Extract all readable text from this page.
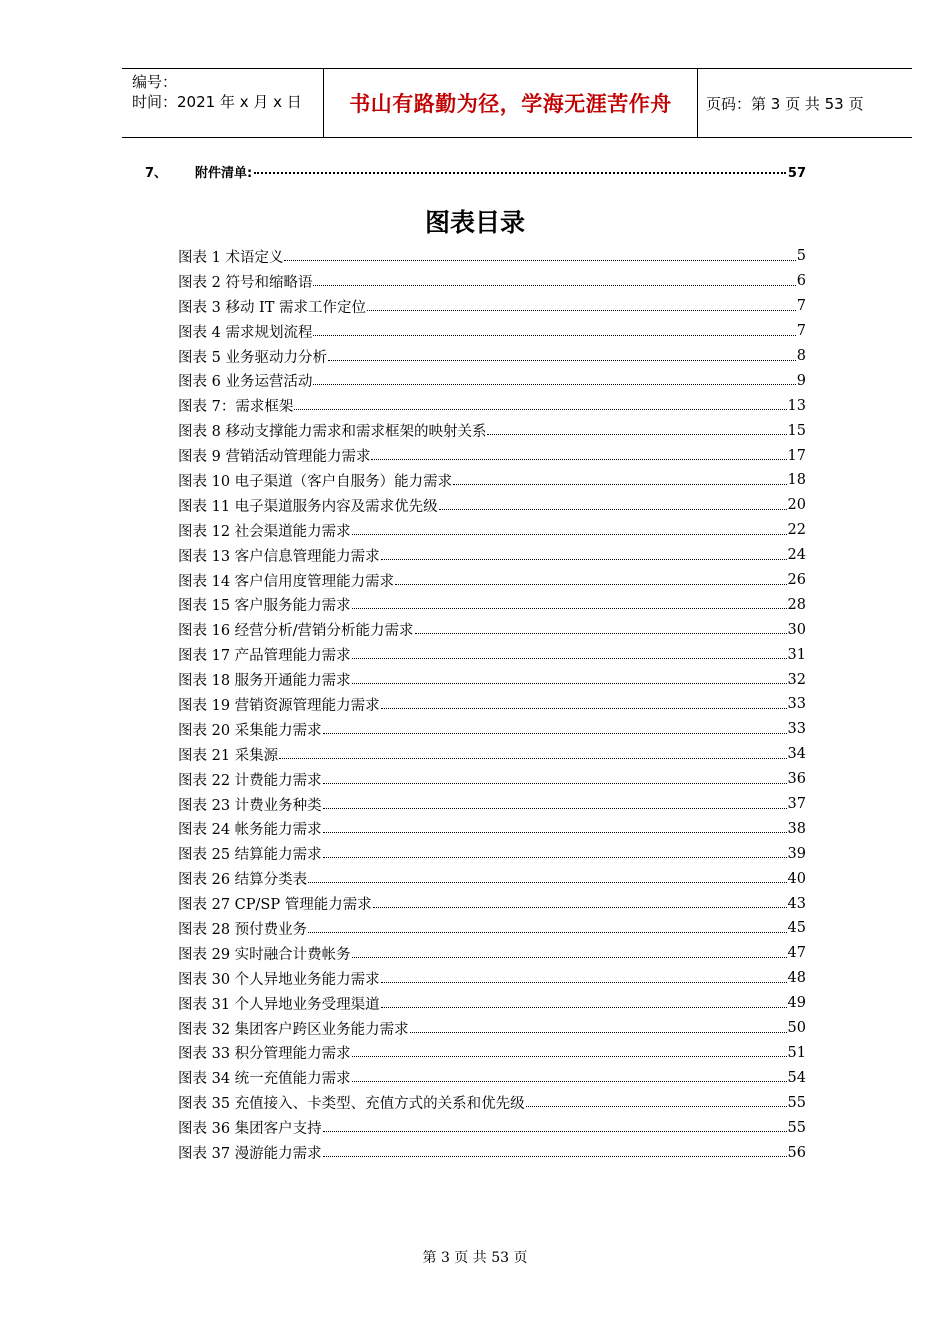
编号：
时间：2021 年 x 月 x 日	书山有路勤为径，学海无涯苦作舟 页码：第 3 页 共 53 页
7、	附件清单:	57
图表目录
图表 1 术语定义	5
图表 2 符号和缩略语	6
图表 3 移动 IT 需求工作定位	7
图表 4 需求规划流程	7
图表 5 业务驱动力分析	8
图表 6 业务运营活动	9
图表 7：需求框架	13
图表 8 移动支撑能力需求和需求框架的映射关系	15
图表 9 营销活动管理能力需求	17
图表 10 电子渠道（客户自服务）能力需求	18
图表 11 电子渠道服务内容及需求优先级	20
图表 12 社会渠道能力需求	22
图表 13 客户信息管理能力需求	24
图表 14 客户信用度管理能力需求	26
图表 15 客户服务能力需求	28
图表 16 经营分析/营销分析能力需求	30
图表 17 产品管理能力需求	31
图表 18 服务开通能力需求	32
图表 19 营销资源管理能力需求	33
图表 20 采集能力需求	33
图表 21 采集源	34
图表 22 计费能力需求	36
图表 23 计费业务种类	37
图表 24 帐务能力需求	38
图表 25 结算能力需求	39
图表 26 结算分类表	40
图表 27 CP/SP 管理能力需求	43
图表 28 预付费业务	45
图表 29 实时融合计费帐务	47
图表 30 个人异地业务能力需求	48
图表 31 个人异地业务受理渠道	49
图表 32 集团客户跨区业务能力需求	50
图表 33 积分管理能力需求	51
图表 34 统一充值能力需求	54
图表 35 充值接入、卡类型、充值方式的关系和优先级	55
图表 36 集团客户支持	55
图表 37 漫游能力需求	56
第 3 页 共 53 页
